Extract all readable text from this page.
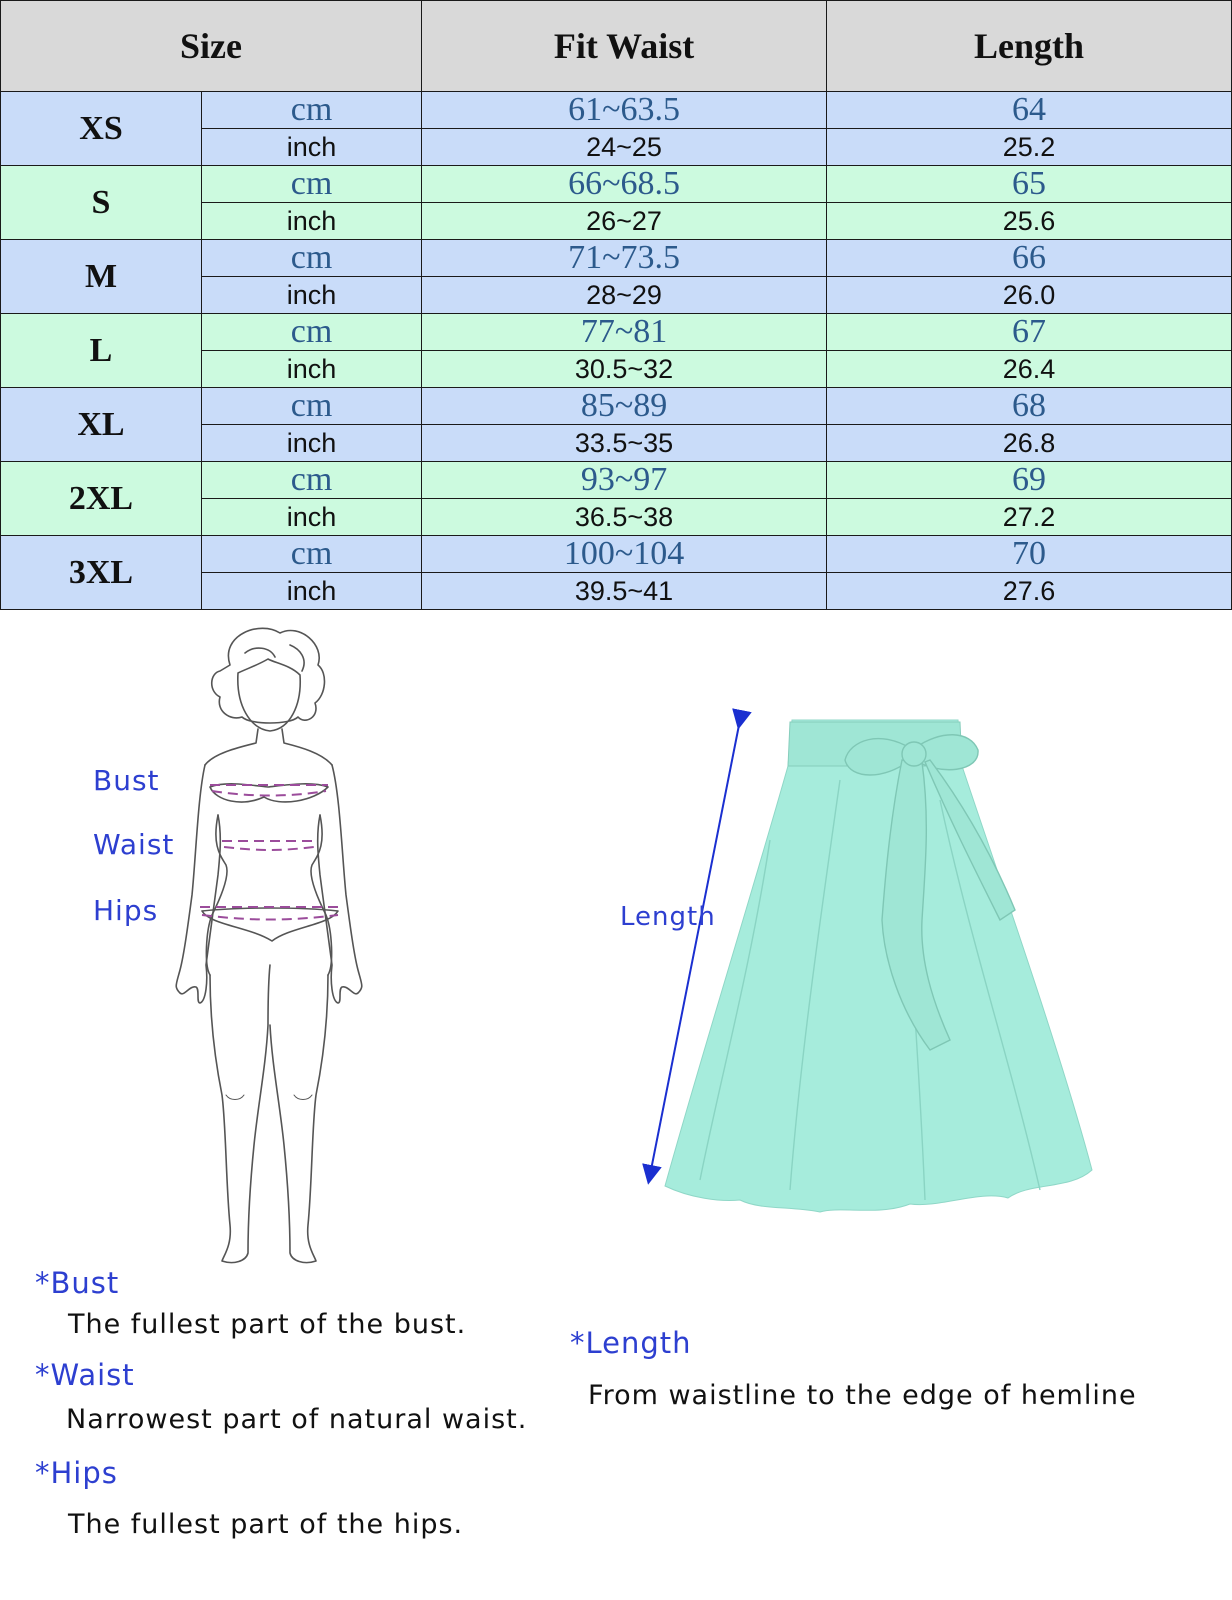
Size		Fit Waist	Length
XS	cm	61~63.5	64
	inch	24~25	25.2
S	cm	66~68.5	65
	inch	26~27	25.6
M	cm	71~73.5	66
	inch	28~29	26.0
L	cm	77~81	67
	inch	30.5~32	26.4
XL	cm	85~89	68
	inch	33.5~35	26.8
2XL	cm	93~97	69
	inch	36.5~38	27.2
3XL	cm	100~104	70
	inch	39.5~41	27.6
Bust
Waist
Hips	Length
*Bust
The fullest part of the bust.
*Waist
Narrowest part of natural waist.
*Hips
The fullest part of the hips.
*Length
From waistline to the edge of hemline
